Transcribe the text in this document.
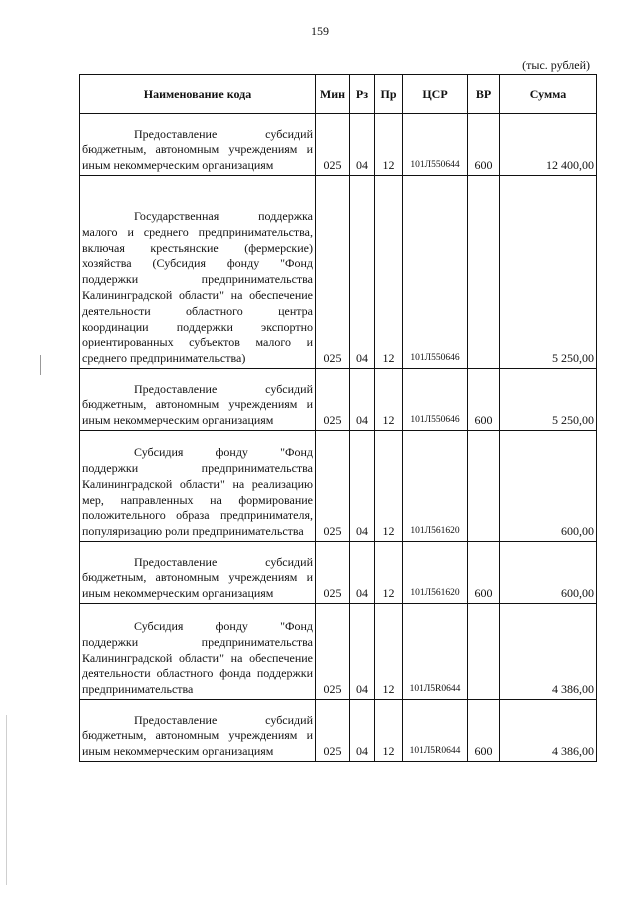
159
(тыс. рублей)
Наименование кода	Мин	Рз	Пр	ЦСР	ВР	Сумма

Предоставление субсидий бюджетным, автономным учреждениям и иным некоммерческим организациям	025	04	12	101Л550644	600	12 400,00

Государственная поддержка малого и среднего предпринимательства, включая крестьянские (фермерские) хозяйства (Субсидия фонду "Фонд поддержки предпринимательства Калининградской области" на обеспечение деятельности областного центра координации поддержки экспортно ориентированных субъектов малого и среднего предпринимательства)	025	04	12	101Л550646		5 250,00

Предоставление субсидий бюджетным, автономным учреждениям и иным некоммерческим организациям	025	04	12	101Л550646	600	5 250,00

Субсидия фонду "Фонд поддержки предпринимательства Калининградской области" на реализацию мер, направленных на формирование положительного образа предпринимателя, популяризацию роли предпринимательства	025	04	12	101Л561620		600,00

Предоставление субсидий бюджетным, автономным учреждениям и иным некоммерческим организациям	025	04	12	101Л561620	600	600,00

Субсидия фонду "Фонд поддержки предпринимательства Калининградской области" на обеспечение деятельности областного фонда поддержки предпринимательства	025	04	12	101Л5R0644		4 386,00

Предоставление субсидий бюджетным, автономным учреждениям и иным некоммерческим организациям	025	04	12	101Л5R0644	600	4 386,00
